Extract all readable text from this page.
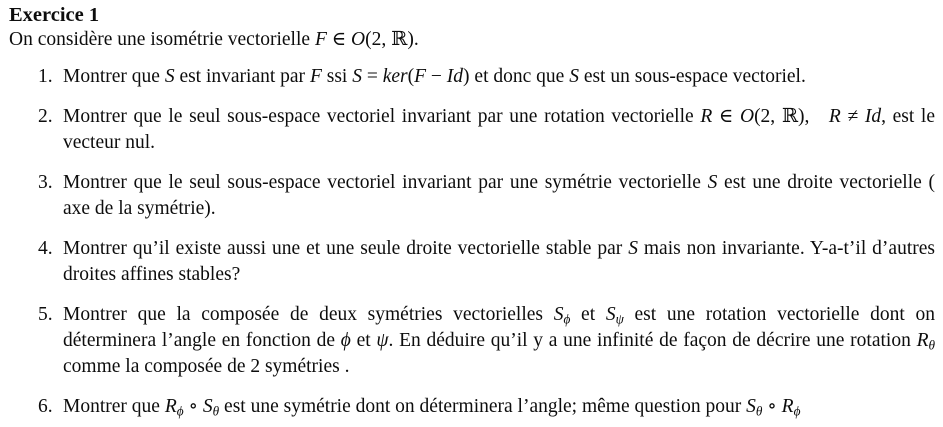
Exercice 1
On considère une isométrie vectorielle F ∈ O(2, ℝ).
1. Montrer que S est invariant par F ssi S = ker(F − Id) et donc que S est un sous-espace vectoriel.
2. Montrer que le seul sous-espace vectoriel invariant par une rotation vectorielle R ∈ O(2, ℝ), R ≠ Id, est le vecteur nul.
3. Montrer que le seul sous-espace vectoriel invariant par une symétrie vectorielle S est une droite vectorielle ( axe de la symétrie).
4. Montrer qu’il existe aussi une et une seule droite vectorielle stable par S mais non invariante. Y-a-t’il d’autres droites affines stables?
5. Montrer que la composée de deux symétries vectorielles $S_\phi$ et $S_\psi$ est une rotation vectorielle dont on déterminera l’angle en fonction de ϕ et ψ. En déduire qu’il y a une infinité de façon de décrire une rotation $R_\theta$ comme la composée de 2 symétries .
6. Montrer que $R_\phi$ ∘ $S_\theta$ est une symétrie dont on déterminera l’angle; même question pour $S_\theta$ ∘ $R_\phi$
